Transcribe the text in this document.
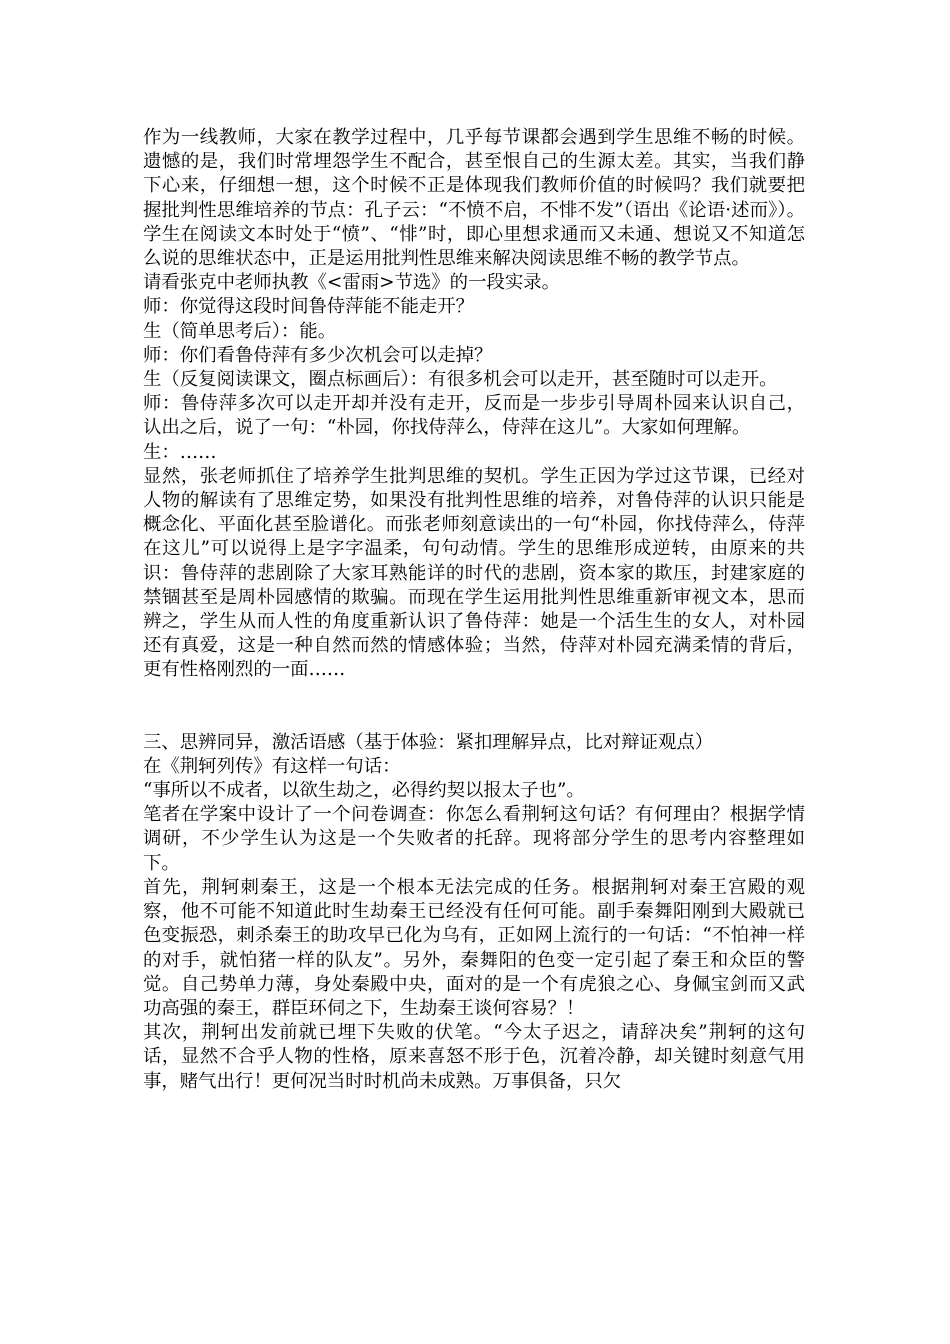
作为一线教师，大家在教学过程中，几乎每节课都会遇到学生思维不畅的时候。遗憾的是，我们时常埋怨学生不配合，甚至恨自己的生源太差。其实，当我们静下心来，仔细想一想，这个时候不正是体现我们教师价值的时候吗？我们就要把握批判性思维培养的节点：孔子云：“不愤不启，不悱不发”（语出《论语·述而》）。学生在阅读文本时处于“愤”、“悱”时，即心里想求通而又未通、想说又不知道怎么说的思维状态中，正是运用批判性思维来解决阅读思维不畅的教学节点。

请看张克中老师执教《<雷雨>节选》的一段实录。

师：你觉得这段时间鲁侍萍能不能走开？

生（简单思考后）：能。

师：你们看鲁侍萍有多少次机会可以走掉？

生（反复阅读课文，圈点标画后）：有很多机会可以走开，甚至随时可以走开。

师：鲁侍萍多次可以走开却并没有走开，反而是一步步引导周朴园来认识自己，认出之后，说了一句：“朴园，你找侍萍么，侍萍在这儿”。大家如何理解。

生：……

显然，张老师抓住了培养学生批判思维的契机。学生正因为学过这节课，已经对人物的解读有了思维定势，如果没有批判性思维的培养，对鲁侍萍的认识只能是概念化、平面化甚至脸谱化。而张老师刻意读出的一句“朴园，你找侍萍么，侍萍在这儿”可以说得上是字字温柔，句句动情。学生的思维形成逆转，由原来的共识：鲁侍萍的悲剧除了大家耳熟能详的时代的悲剧，资本家的欺压，封建家庭的禁锢甚至是周朴园感情的欺骗。而现在学生运用批判性思维重新审视文本，思而辨之，学生从而人性的角度重新认识了鲁侍萍：她是一个活生生的女人，对朴园还有真爱，这是一种自然而然的情感体验；当然，侍萍对朴园充满柔情的背后，更有性格刚烈的一面……

三、思辨同异，激活语感（基于体验：紧扣理解异点，比对辩证观点）

在《荆轲列传》有这样一句话：

“事所以不成者，以欲生劫之，必得约契以报太子也”。

笔者在学案中设计了一个问卷调查：你怎么看荆轲这句话？有何理由？根据学情调研，不少学生认为这是一个失败者的托辞。现将部分学生的思考内容整理如下。

首先，荆轲刺秦王，这是一个根本无法完成的任务。根据荆轲对秦王宫殿的观察，他不可能不知道此时生劫秦王已经没有任何可能。副手秦舞阳刚到大殿就已色变振恐，刺杀秦王的助攻早已化为乌有，正如网上流行的一句话：“不怕神一样的对手，就怕猪一样的队友”。另外，秦舞阳的色变一定引起了秦王和众臣的警觉。自己势单力薄，身处秦殿中央，面对的是一个有虎狼之心、身佩宝剑而又武功高强的秦王，群臣环伺之下，生劫秦王谈何容易？！

其次，荆轲出发前就已埋下失败的伏笔。“今太子迟之，请辞决矣”荆轲的这句话，显然不合乎人物的性格，原来喜怒不形于色，沉着冷静，却关键时刻意气用事，赌气出行！更何况当时时机尚未成熟。万事俱备，只欠
